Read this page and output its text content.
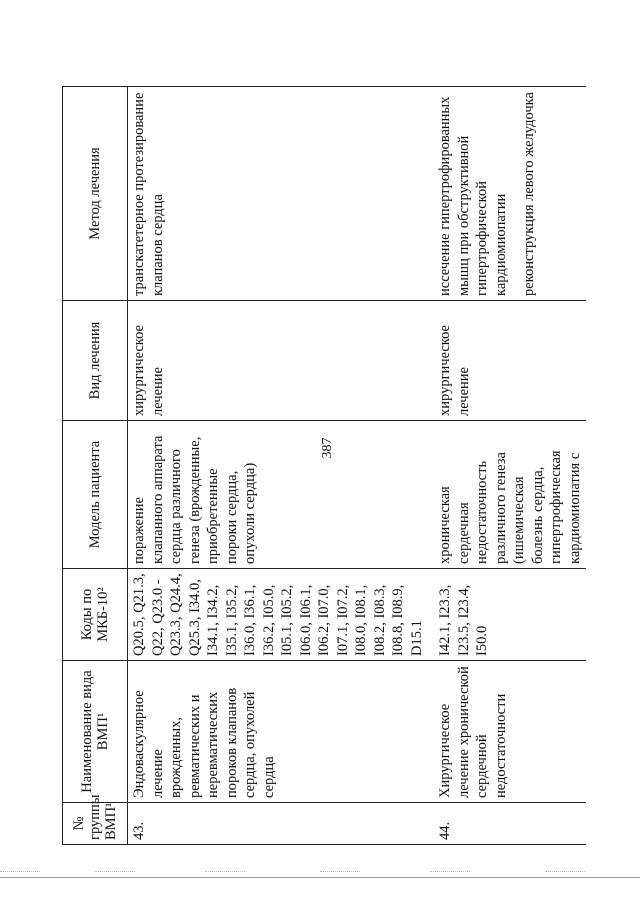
387
№ группы ВМП¹	Наименование вида ВМП¹	Коды по МКБ-10²	Модель пациента	Вид лечения	Метод лечения
43.	Эндоваскулярное лечение врожденных, ревматических и неревматических пороков клапанов сердца, опухолей сердца	Q20.5, Q21.3, Q22, Q23.0 - Q23.3, Q24.4, Q25.3, I34.0, I34.1, I34.2, I35.1, I35.2, I36.0, I36.1, I36.2, I05.0, I05.1, I05.2, I06.0, I06.1, I06.2, I07.0, I07.1, I07.2, I08.0, I08.1, I08.2, I08.3, I08.8, I08.9, D15.1	поражение клапанного аппарата сердца различного генеза (врожденные, приобретенные пороки сердца, опухоли сердца)	хирургическое лечение	транскатетерное протезирование клапанов сердца

44.	Хирургическое лечение хронической сердечной недостаточности	I42.1, I23.3, I23.5, I23.4, I50.0	хроническая сердечная недостаточность различного генеза (ишемическая болезнь сердца, гипертрофическая кардиомиопатия с	хирургическое лечение	иссечение гипертрофированных мышц при обструктивной гипертрофической кардиомиопатии реконструкция левого желудочка
